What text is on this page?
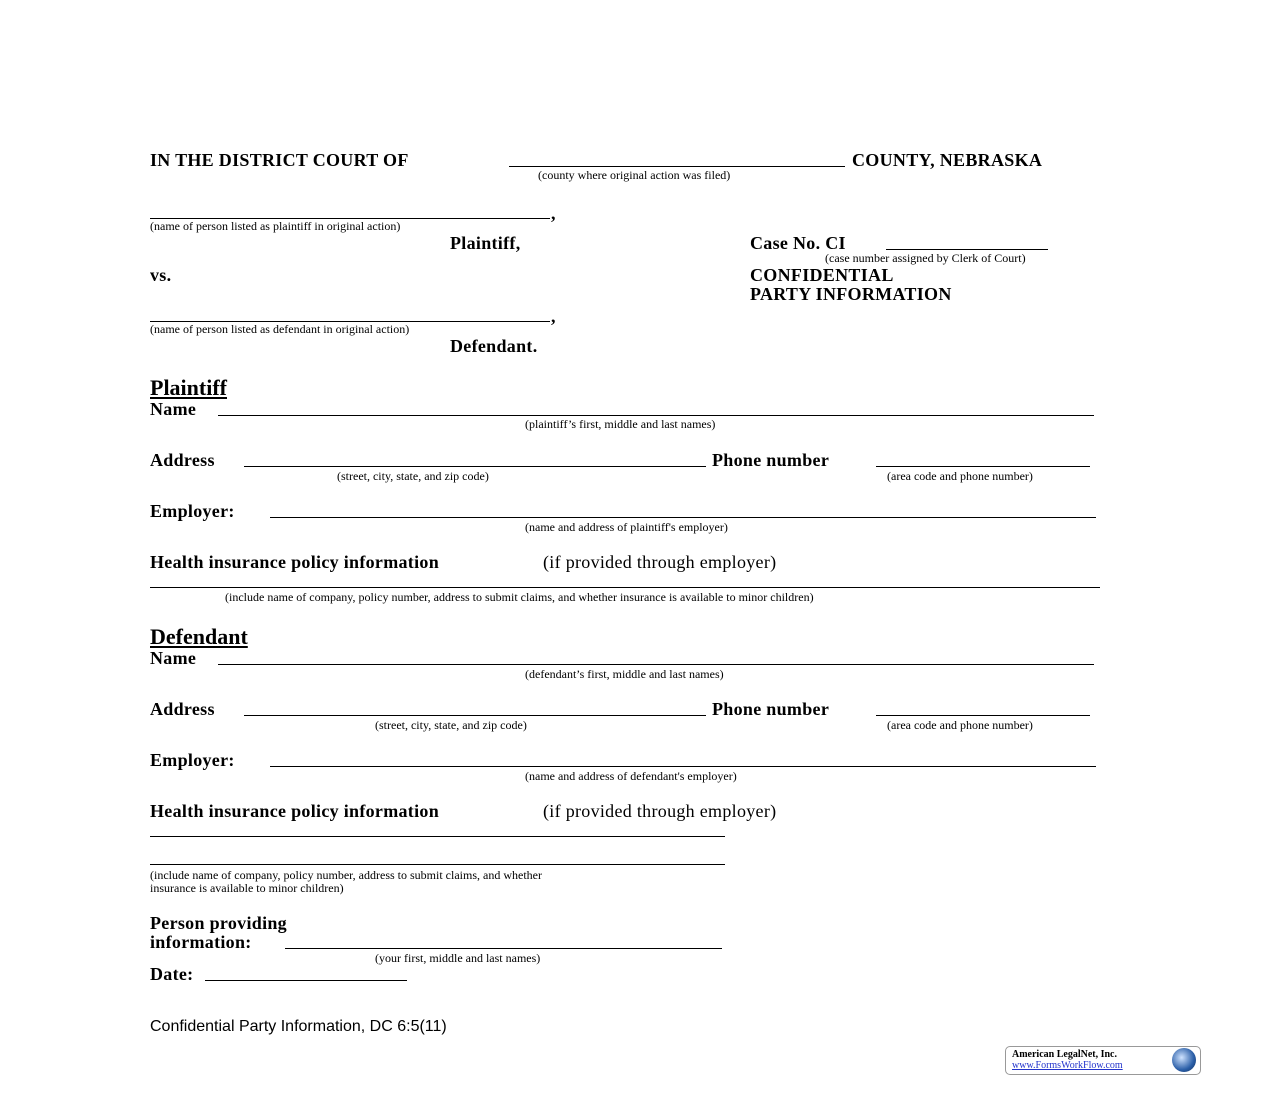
IN THE DISTRICT COURT OF	COUNTY, NEBRASKA
(county where original action was filed)
,
(name of person listed as plaintiff in original action)
Plaintiff,	Case No. CI
(case number assigned by Clerk of Court)
vs.	CONFIDENTIAL
PARTY INFORMATION
,
(name of person listed as defendant in original action)
Defendant.
Plaintiff
Name
(plaintiff’s first, middle and last names)
Address	Phone number
(street, city, state, and zip code)	(area code and phone number)
Employer:
(name and address of plaintiff's employer)
Health insurance policy information	(if provided through employer)
(include name of company, policy number, address to submit claims, and whether insurance is available to minor children)
Defendant
Name
(defendant’s first, middle and last names)
Address	Phone number
(street, city, state, and zip code)	(area code and phone number)
Employer:
(name and address of defendant's employer)
Health insurance policy information	(if provided through employer)
(include name of company, policy number, address to submit claims, and whether
insurance is available to minor children)
Person providing
information:
(your first, middle and last names)
Date:
Confidential Party Information, DC 6:5(11)
American LegalNet, Inc.
www.FormsWorkFlow.com
